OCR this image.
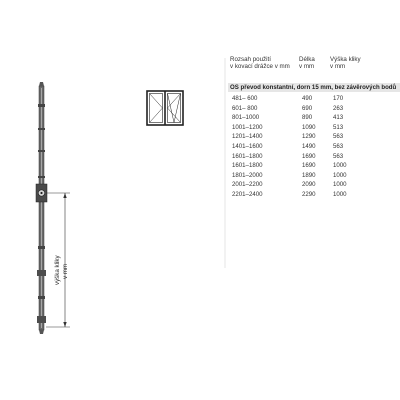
výška kliky v mm
Rozsah použití
v kovací drážce v mm
Délka
v mm
Výška kliky
v mm
OS převod konstantní, dorn 15 mm, bez závěrových bodů
481– 600	490	170
601– 800	690	263
801–1000	890	413
1001–1200	1090	513
1201–1400	1290	563
1401–1600	1490	563
1601–1800	1690	563
1601–1800	1690	1000
1801–2000	1890	1000
2001–2200	2090	1000
2201–2400	2290	1000
